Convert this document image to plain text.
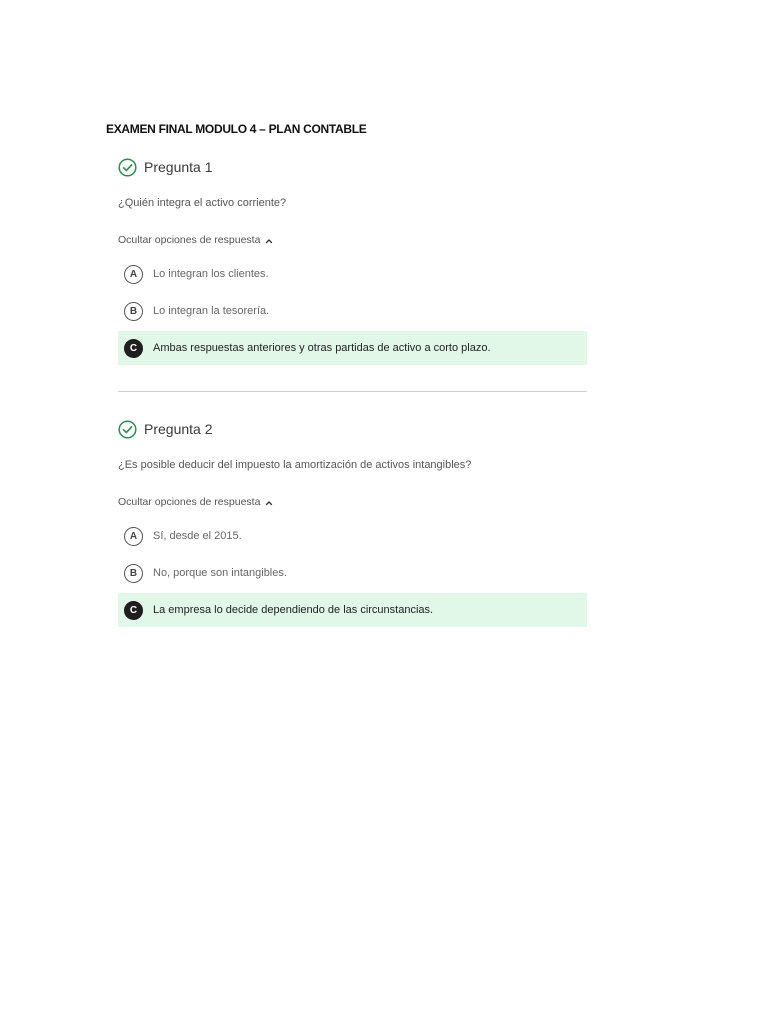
EXAMEN FINAL MODULO 4 – PLAN CONTABLE
Pregunta 1
¿Quién integra el activo corriente?
Ocultar opciones de respuesta
A	Lo integran los clientes.
B	Lo integran la tesorería.
C	Ambas respuestas anteriores y otras partidas de activo a corto plazo.
Pregunta 2
¿Es posible deducir del impuesto la amortización de activos intangibles?
Ocultar opciones de respuesta
A	Sí, desde el 2015.
B	No, porque son intangibles.
C	La empresa lo decide dependiendo de las circunstancias.
